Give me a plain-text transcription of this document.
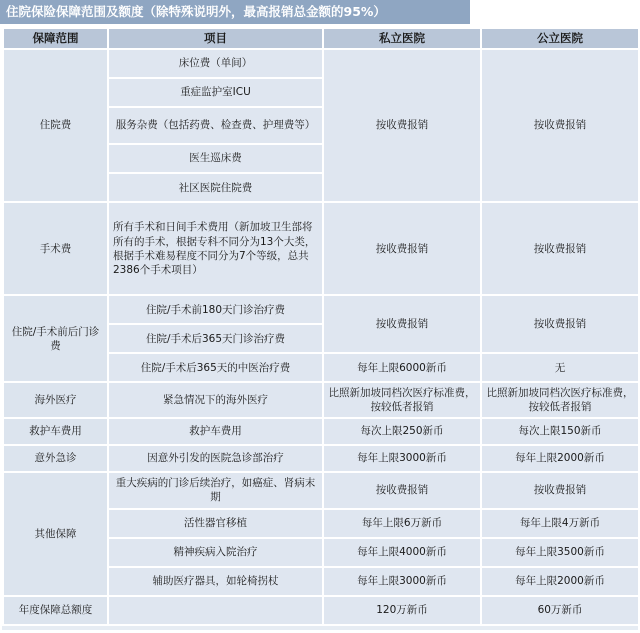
住院保险保障范围及额度（除特殊说明外，最高报销总金额的95%）
保障范围	项目	私立医院	公立医院
住院费	床位费（单间）	按收费报销	按收费报销
	重症监护室ICU		
	服务杂费（包括药费、检查费、护理费等）		
	医生巡床费		
	社区医院住院费		
手术费	所有手术和日间手术费用（新加坡卫生部将所有的手术，根据专科不同分为13个大类，根据手术难易程度不同分为7个等级，总共2386个手术项目）	按收费报销	按收费报销
住院/手术前后门诊费	住院/手术前180天门诊治疗费	按收费报销	按收费报销
	住院/手术后365天门诊治疗费		
	住院/手术后365天的中医治疗费	每年上限6000新币	无
海外医疗	紧急情况下的海外医疗	比照新加坡同档次医疗标准费，按较低者报销	比照新加坡同档次医疗标准费，按较低者报销
救护车费用	救护车费用	每次上限250新币	每次上限150新币
意外急诊	因意外引发的医院急诊部治疗	每年上限3000新币	每年上限2000新币
其他保障	重大疾病的门诊后续治疗，如癌症、肾病末期	按收费报销	按收费报销
	活性器官移植	每年上限6万新币	每年上限4万新币
	精神疾病入院治疗	每年上限4000新币	每年上限3500新币
	辅助医疗器具，如轮椅拐杖	每年上限3000新币	每年上限2000新币
年度保障总额度		120万新币	60万新币
